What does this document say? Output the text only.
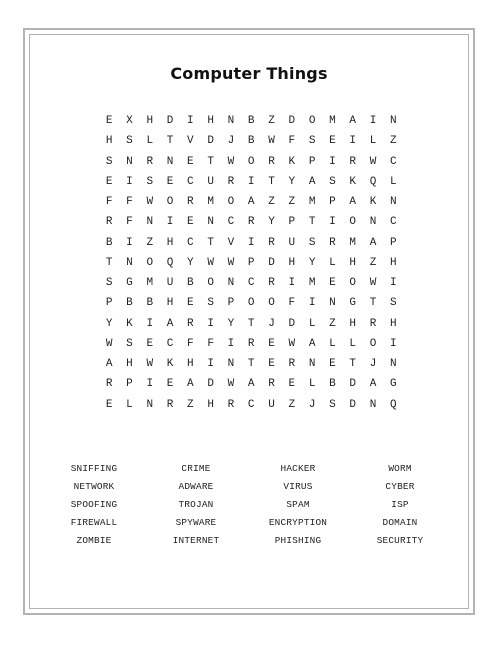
Computer Things
E	X	H	D	I	H	N	B	Z	D	O	M	A	I	N
H	S	L	T	V	D	J	B	W	F	S	E	I	L	Z
S	N	R	N	E	T	W	O	R	K	P	I	R	W	C
E	I	S	E	C	U	R	I	T	Y	A	S	K	Q	L
F	F	W	O	R	M	O	A	Z	Z	M	P	A	K	N
R	F	N	I	E	N	C	R	Y	P	T	I	O	N	C
B	I	Z	H	C	T	V	I	R	U	S	R	M	A	P
T	N	O	Q	Y	W	W	P	D	H	Y	L	H	Z	H
S	G	M	U	B	O	N	C	R	I	M	E	O	W	I
P	B	B	H	E	S	P	O	O	F	I	N	G	T	S
Y	K	I	A	R	I	Y	T	J	D	L	Z	H	R	H
W	S	E	C	F	F	I	R	E	W	A	L	L	O	I
A	H	W	K	H	I	N	T	E	R	N	E	T	J	N
R	P	I	E	A	D	W	A	R	E	L	B	D	A	G
E	L	N	R	Z	H	R	C	U	Z	J	S	D	N	Q
SNIFFING	CRIME	HACKER	WORM
NETWORK	ADWARE	VIRUS	CYBER
SPOOFING	TROJAN	SPAM	ISP
FIREWALL	SPYWARE	ENCRYPTION	DOMAIN
ZOMBIE	INTERNET	PHISHING	SECURITY
